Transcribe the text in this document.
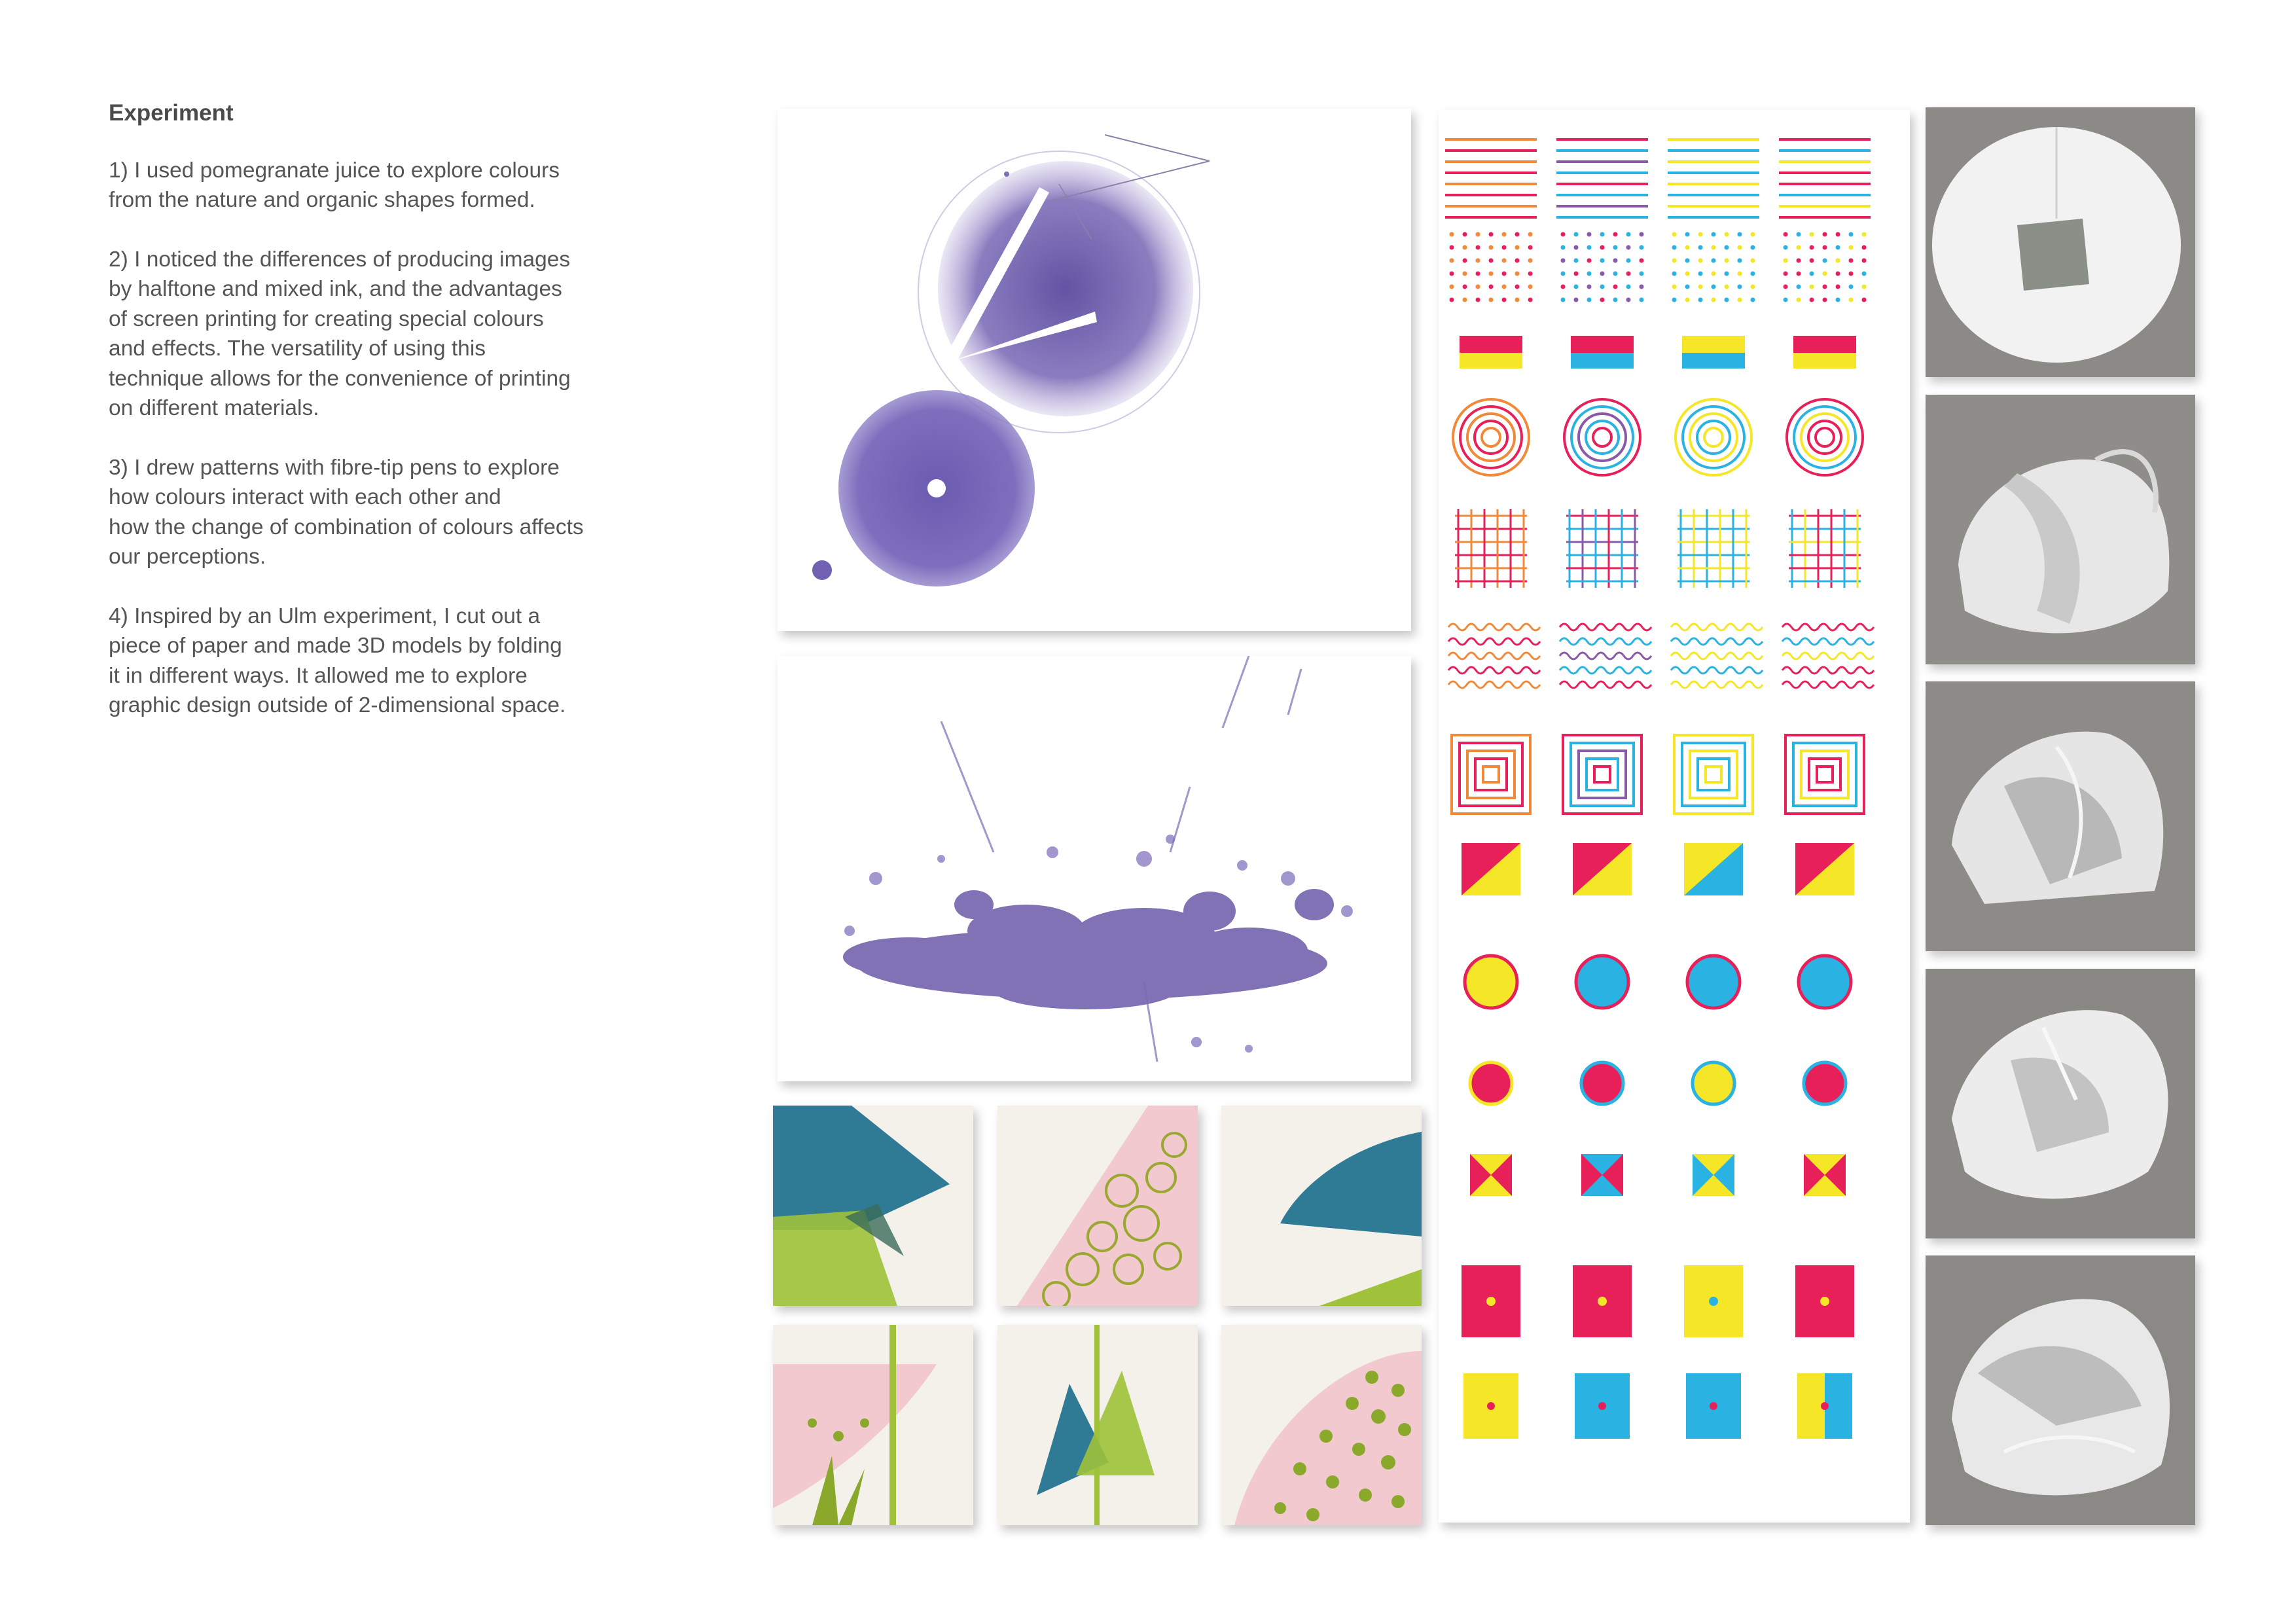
Experiment
1) I used pomegranate juice to explore colours
from the nature and organic shapes formed.
2) I noticed the differences of producing images
by halftone and mixed ink, and the advantages
of screen printing for creating special colours
and effects. The versatility of using this
technique allows for the convenience of printing
on different materials.
3) I drew patterns with fibre-tip pens to explore
how colours interact with each other and
how the change of combination of colours affects
our perceptions.
4) Inspired by an Ulm experiment, I cut out a
piece of paper and made 3D models by folding
it in different ways. It allowed me to explore
graphic design outside of 2-dimensional space.
